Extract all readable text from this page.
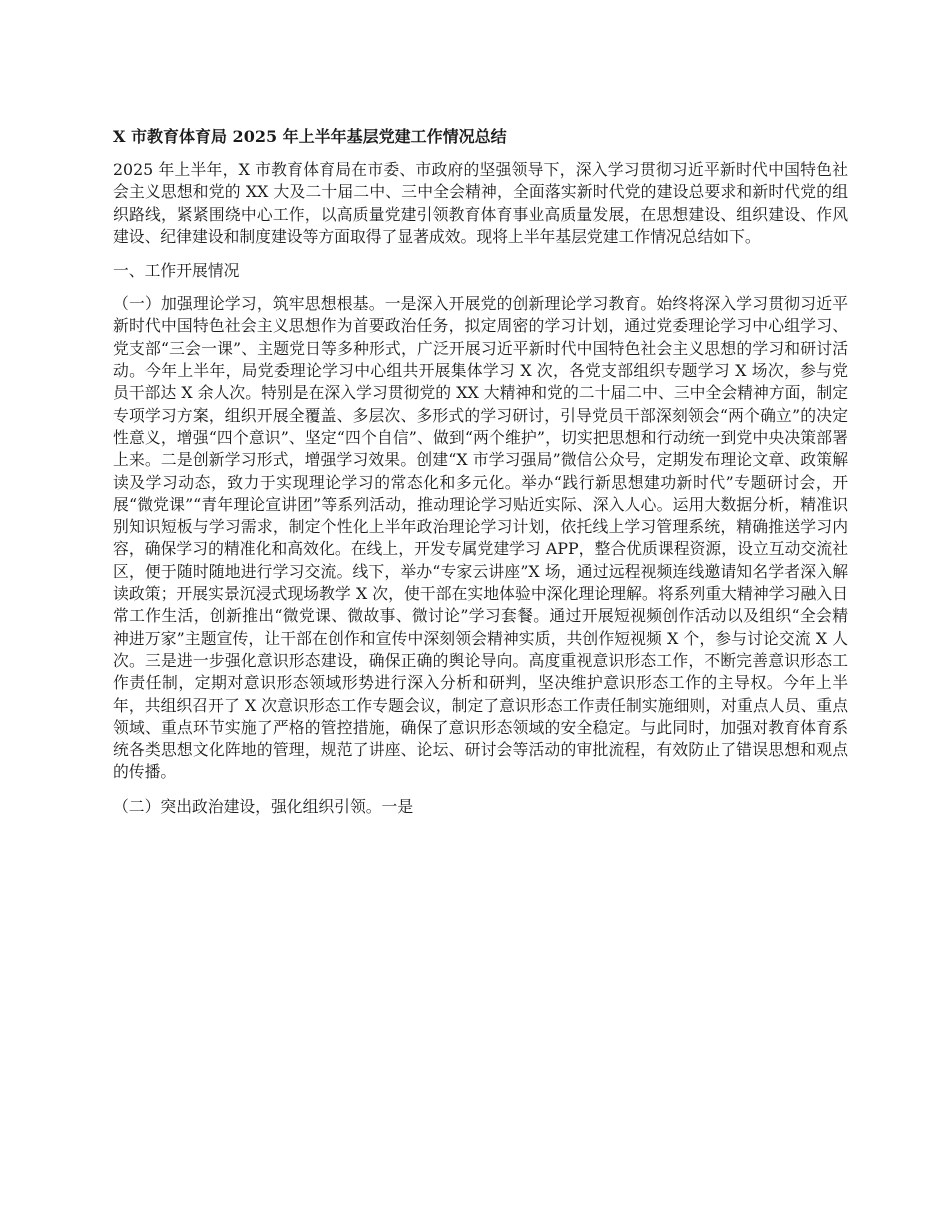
X 市教育体育局 2025 年上半年基层党建工作情况总结
2025 年上半年，X 市教育体育局在市委、市政府的坚强领导下，深入学习贯彻习近平新时代中国特色社会主义思想和党的 XX 大及二十届二中、三中全会精神，全面落实新时代党的建设总要求和新时代党的组织路线，紧紧围绕中心工作，以高质量党建引领教育体育事业高质量发展，在思想建设、组织建设、作风建设、纪律建设和制度建设等方面取得了显著成效。现将上半年基层党建工作情况总结如下。
一、工作开展情况
（一）加强理论学习，筑牢思想根基。一是深入开展党的创新理论学习教育。始终将深入学习贯彻习近平新时代中国特色社会主义思想作为首要政治任务，拟定周密的学习计划，通过党委理论学习中心组学习、党支部“三会一课”、主题党日等多种形式，广泛开展习近平新时代中国特色社会主义思想的学习和研讨活动。今年上半年，局党委理论学习中心组共开展集体学习 X 次，各党支部组织专题学习 X 场次，参与党员干部达 X 余人次。特别是在深入学习贯彻党的 XX 大精神和党的二十届二中、三中全会精神方面，制定专项学习方案，组织开展全覆盖、多层次、多形式的学习研讨，引导党员干部深刻领会“两个确立”的决定性意义，增强“四个意识”、坚定“四个自信”、做到“两个维护”，切实把思想和行动统一到党中央决策部署上来。二是创新学习形式，增强学习效果。创建“X 市学习强局”微信公众号，定期发布理论文章、政策解读及学习动态，致力于实现理论学习的常态化和多元化。举办“践行新思想建功新时代”专题研讨会，开展“微党课”“青年理论宣讲团”等系列活动，推动理论学习贴近实际、深入人心。运用大数据分析，精准识别知识短板与学习需求，制定个性化上半年政治理论学习计划，依托线上学习管理系统，精确推送学习内容，确保学习的精准化和高效化。在线上，开发专属党建学习 APP，整合优质课程资源，设立互动交流社区，便于随时随地进行学习交流。线下，举办“专家云讲座”X 场，通过远程视频连线邀请知名学者深入解读政策；开展实景沉浸式现场教学 X 次，使干部在实地体验中深化理论理解。将系列重大精神学习融入日常工作生活，创新推出“微党课、微故事、微讨论”学习套餐。通过开展短视频创作活动以及组织“全会精神进万家”主题宣传，让干部在创作和宣传中深刻领会精神实质，共创作短视频 X 个，参与讨论交流 X 人次。三是进一步强化意识形态建设，确保正确的舆论导向。高度重视意识形态工作，不断完善意识形态工作责任制，定期对意识形态领域形势进行深入分析和研判，坚决维护意识形态工作的主导权。今年上半年，共组织召开了 X 次意识形态工作专题会议，制定了意识形态工作责任制实施细则，对重点人员、重点领域、重点环节实施了严格的管控措施，确保了意识形态领域的安全稳定。与此同时，加强对教育体育系统各类思想文化阵地的管理，规范了讲座、论坛、研讨会等活动的审批流程，有效防止了错误思想和观点的传播。
（二）突出政治建设，强化组织引领。一是
